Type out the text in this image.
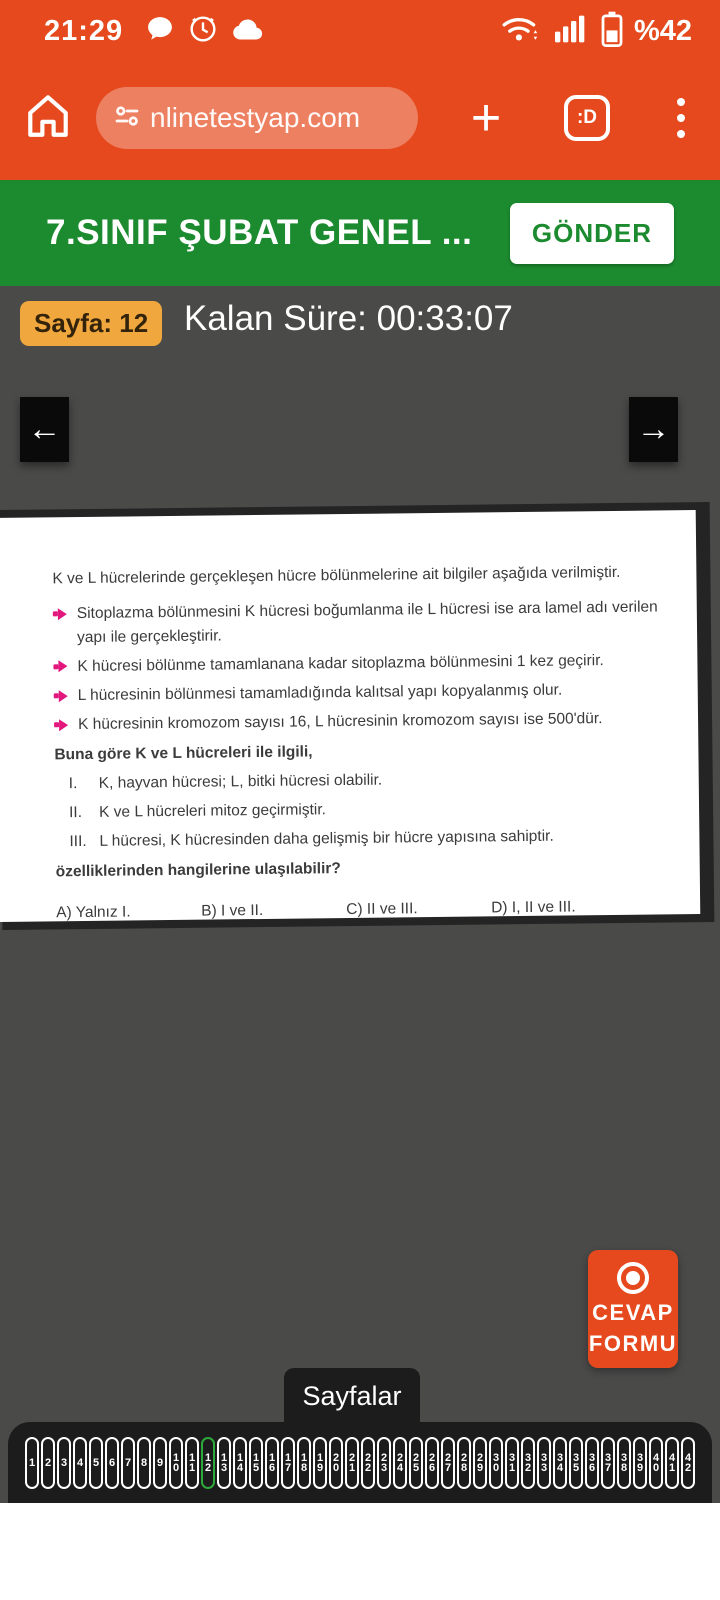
21:29	%42
nlinetestyap.com +	:D
7.SINIF ŞUBAT GENEL ...	GÖNDER
Sayfa: 12	Kalan Süre: 00:33:07
←	→
K ve L hücrelerinde gerçekleşen hücre bölünmelerine ait bilgiler aşağıda verilmiştir.
Sitoplazma bölünmesini K hücresi boğumlanma ile L hücresi ise ara lamel adı verilen yapı ile gerçekleştirir.
K hücresi bölünme tamamlanana kadar sitoplazma bölünmesini 1 kez geçirir.
L hücresinin bölünmesi tamamladığında kalıtsal yapı kopyalanmış olur.
K hücresinin kromozom sayısı 16, L hücresinin kromozom sayısı ise 500'dür.
Buna göre K ve L hücreleri ile ilgili,
I.	K, hayvan hücresi; L, bitki hücresi olabilir.
II.	K ve L hücreleri mitoz geçirmiştir.
III. L hücresi, K hücresinden daha gelişmiş bir hücre yapısına sahiptir.
özelliklerinden hangilerine ulaşılabilir?
A) Yalnız I.	B) I ve II.	C) II ve III.	D) I, II ve III.
CEVAP
FORMU
Sayfalar
1 2 3 4 5 6 7 8 9 1
0
1
1
1
2
1
3
1
4
1
5
1
6
1
7
1
8
1
9
2
0
2
1
2
2
2
3
2
4
2
5
2
6
2
7
2
8
2
9
3
0
3
1
3
2
3
3
3
4
3
5
3
6
3
7
3
8
3
9
4
0
4
1
4
2
